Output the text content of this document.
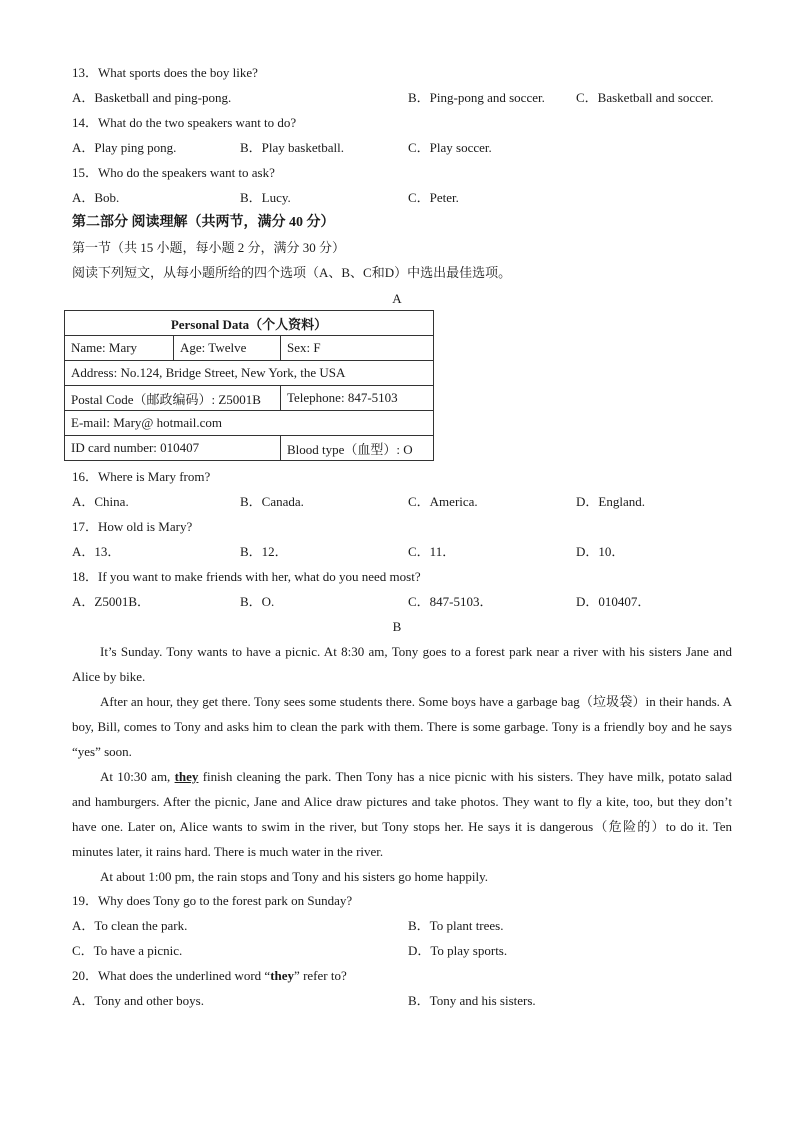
13．What sports does the boy like?
A．Basketball and ping-pong.	B．Ping-pong and soccer. C．Basketball and soccer.
14．What do the two speakers want to do?
A．Play ping pong.	B．Play basketball.	C．Play soccer.
15．Who do the speakers want to ask?
A．Bob.	B．Lucy.	C．Peter.
第二部分 阅读理解（共两节，满分 40 分）
第一节（共 15 小题，每小题 2 分，满分 30 分）
阅读下列短文，从每小题所给的四个选项（A、B、C和D）中选出最佳选项。
A
Personal Data（个人资料）		
Name: Mary	Age: Twelve	Sex: F
Address: No.124, Bridge Street, New York, the USA		
Postal Code（邮政编码）: Z5001B		Telephone: 847-5103
E-mail: Mary@ hotmail.com		
ID card number: 010407		Blood type（血型）: O
16．Where is Mary from?
A．China.	B．Canada.	C．America.	D．England.
17．How old is Mary?
A．13．	B．12．	C．11．	D．10．
18．If you want to make friends with her, what do you need most?
A．Z5001B．	B．O.	C．847-5103．	D．010407．
B
It’s Sunday. Tony wants to have a picnic. At 8:30 am, Tony goes to a forest park near a river with his sisters Jane and Alice by bike.
After an hour, they get there. Tony sees some students there. Some boys have a garbage bag（垃圾袋）in their hands. A boy, Bill, comes to Tony and asks him to clean the park with them. There is some garbage. Tony is a friendly boy and he says “yes” soon.
At 10:30 am, they finish cleaning the park. Then Tony has a nice picnic with his sisters. They have milk, potato salad and hamburgers. After the picnic, Jane and Alice draw pictures and take photos. They want to fly a kite, too, but they don’t have one. Later on, Alice wants to swim in the river, but Tony stops her. He says it is dangerous（危险的）to do it. Ten minutes later, it rains hard. There is much water in the river.
At about 1:00 pm, the rain stops and Tony and his sisters go home happily.
19．Why does Tony go to the forest park on Sunday?
A．To clean the park.	B．To plant trees.
C．To have a picnic.	D．To play sports.
20．What does the underlined word “they” refer to?
A．Tony and other boys.	B．Tony and his sisters.
